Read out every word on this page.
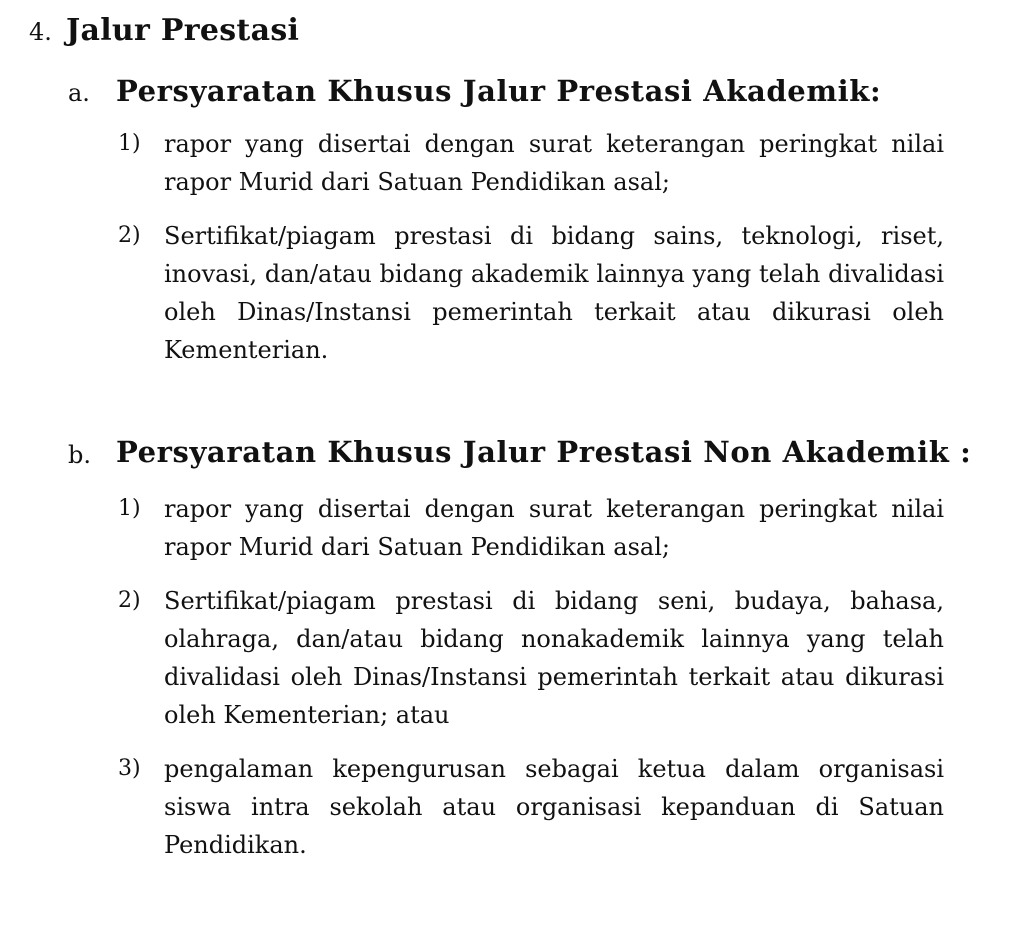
4. Jalur Prestasi
a. Persyaratan Khusus Jalur Prestasi Akademik:
1) rapor yang disertai dengan surat keterangan peringkat nilai rapor Murid dari Satuan Pendidikan asal;
2) Sertifikat/piagam prestasi di bidang sains, teknologi, riset, inovasi, dan/atau bidang akademik lainnya yang telah divalidasi oleh Dinas/Instansi pemerintah terkait atau dikurasi oleh Kementerian.
b. Persyaratan Khusus Jalur Prestasi Non Akademik :
1) rapor yang disertai dengan surat keterangan peringkat nilai rapor Murid dari Satuan Pendidikan asal;
2) Sertifikat/piagam prestasi di bidang seni, budaya, bahasa, olahraga, dan/atau bidang nonakademik lainnya yang telah divalidasi oleh Dinas/Instansi pemerintah terkait atau dikurasi oleh Kementerian; atau
3) pengalaman kepengurusan sebagai ketua dalam organisasi siswa intra sekolah atau organisasi kepanduan di Satuan Pendidikan.
